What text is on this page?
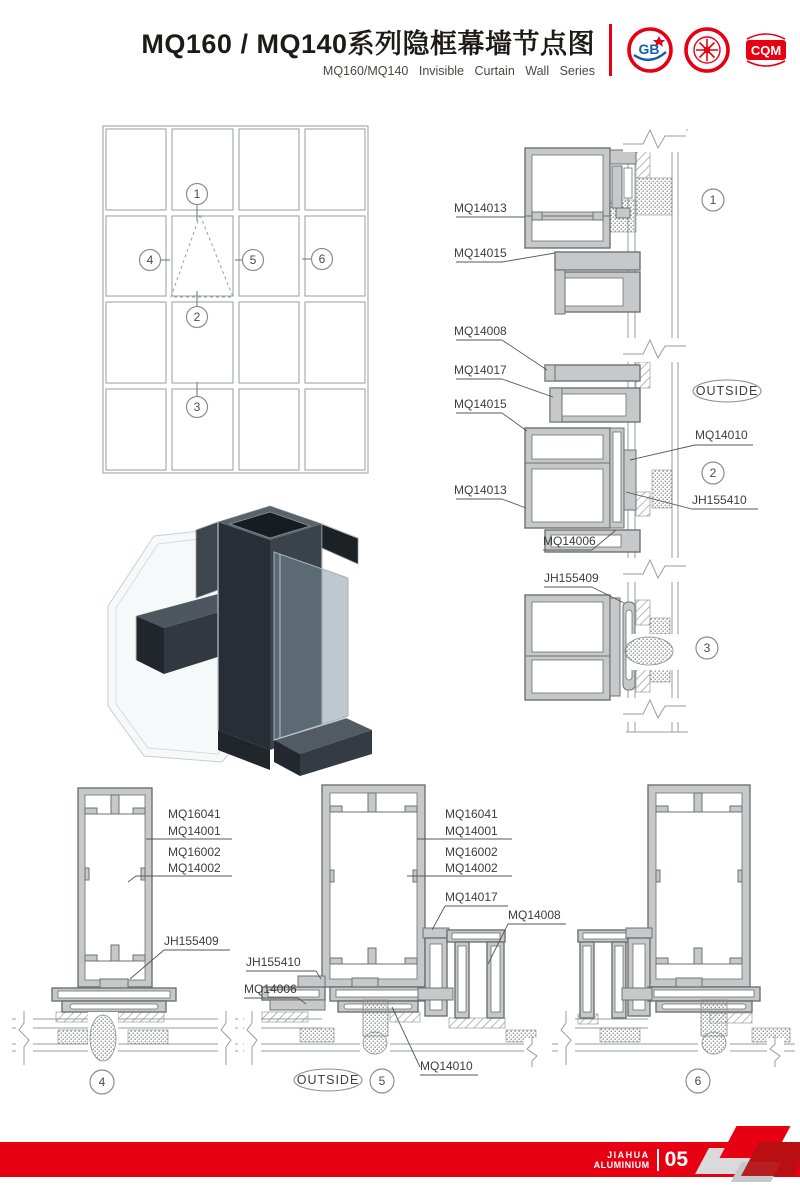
MQ160 / MQ140系列隐框幕墙节点图
MQ160/MQ140 Invisible Curtain Wall Series
GB	CQM
1
2
3
4	5	6
MQ14013
MQ14015
MQ14008
MQ14017
MQ14015
MQ14013
MQ14006
MQ14010
JH155410
JH155409
OUTSIDE
1
2
3
MQ16041
MQ14001
MQ16002
MQ14002
JH155409
MQ16041
MQ14001
MQ16002
MQ14002
MQ14017
MQ14008
JH155410
MQ14006
MQ14010
OUTSIDE
4	5	6
JIAHUA
ALUMINIUM 05
